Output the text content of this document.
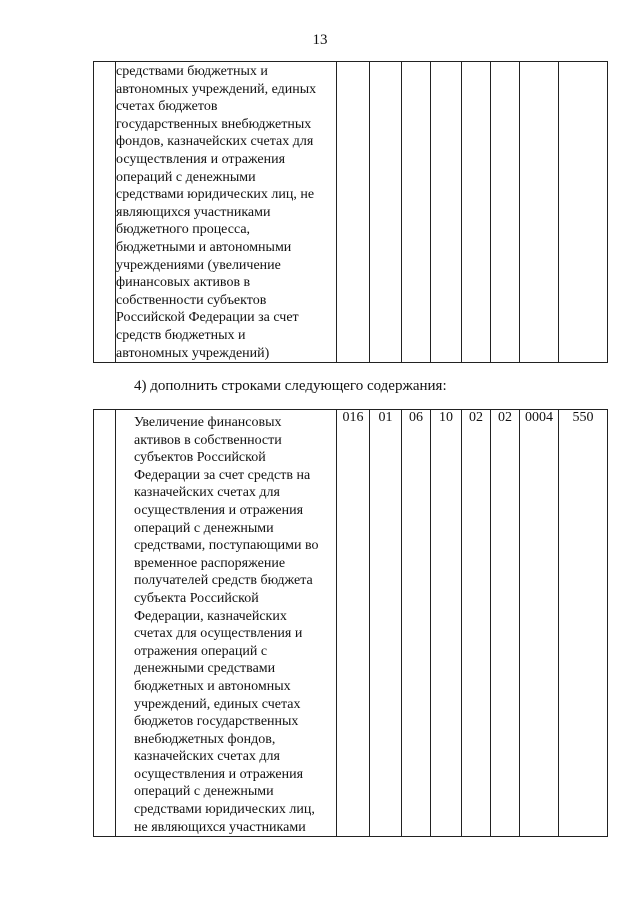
13

средствами бюджетных и
автономных учреждений, единых
счетах бюджетов
государственных внебюджетных
фондов, казначейских счетах для
осуществления и отражения
операций с денежными
средствами юридических лиц, не
являющихся участниками
бюджетного процесса,
бюджетными и автономными
учреждениями (увеличение
финансовых активов в
собственности субъектов
Российской Федерации за счет
средств бюджетных и
автономных учреждений)

4) дополнить строками следующего содержания:

Увеличение финансовых
активов в собственности
субъектов Российской
Федерации за счет средств на
казначейских счетах для
осуществления и отражения
операций с денежными
средствами, поступающими во
временное распоряжение
получателей средств бюджета
субъекта Российской
Федерации, казначейских
счетах для осуществления и
отражения операций с
денежными средствами
бюджетных и автономных
учреждений, единых счетах
бюджетов государственных
внебюджетных фондов,
казначейских счетах для
осуществления и отражения
операций с денежными
средствами юридических лиц,
не являющихся участниками
	016	01	06	10	02	02	0004	550
